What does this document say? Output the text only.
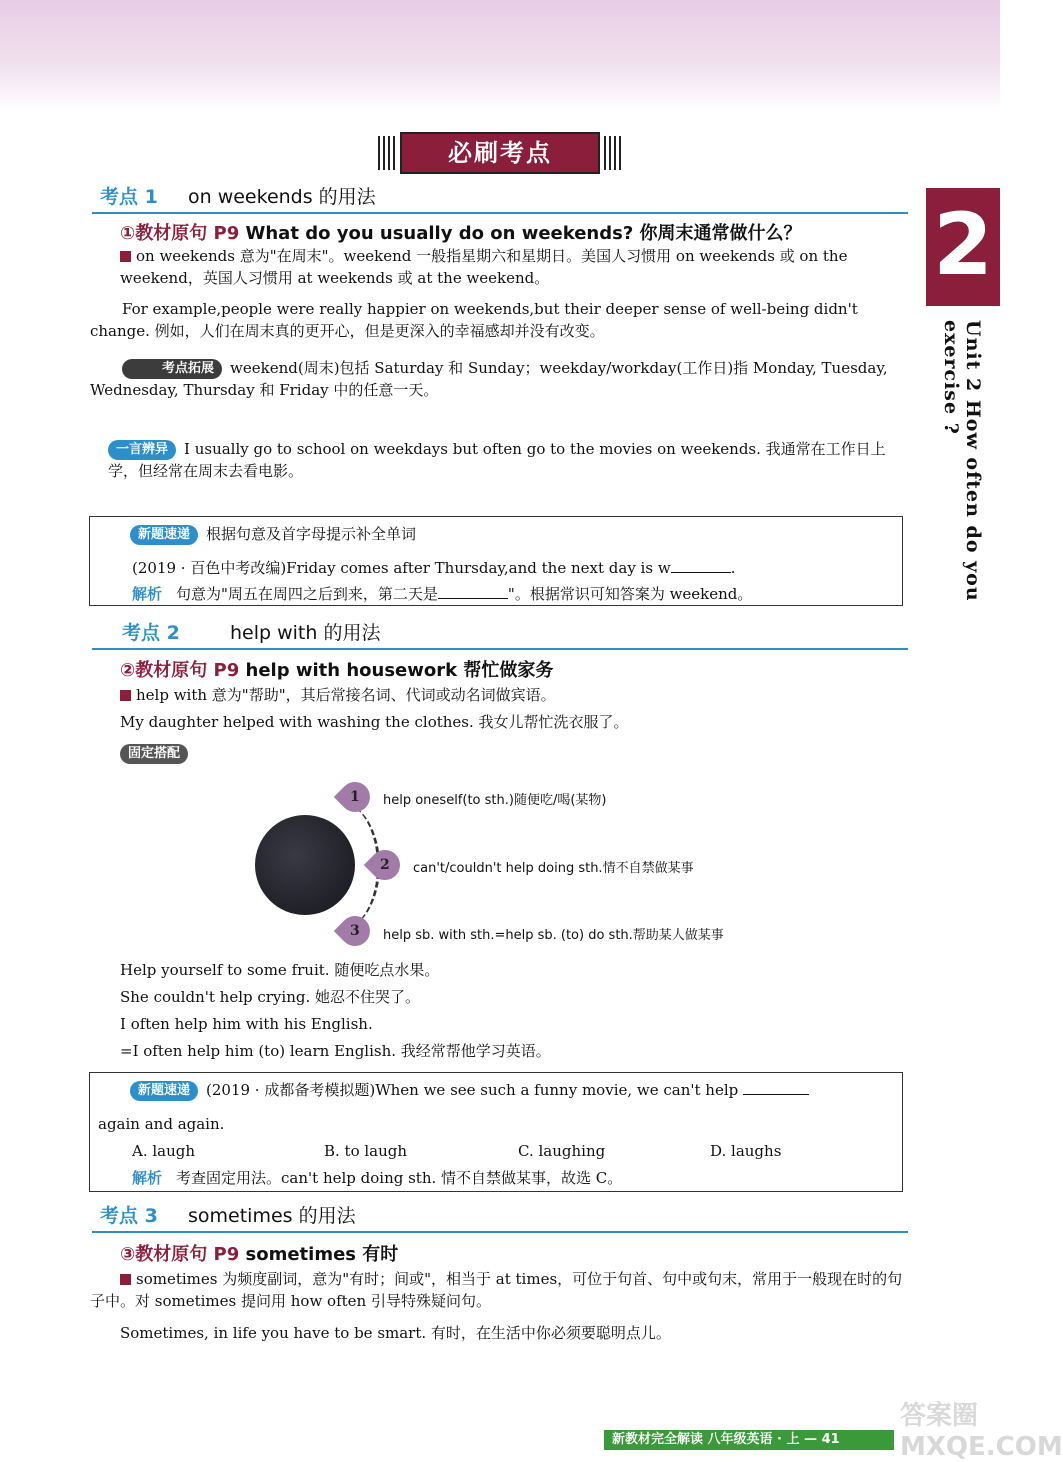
必刷考点
2
Unit 2 How often do you exercise ?
考点 1 on weekends 的用法
①教材原句 P9 What do you usually do on weekends? 你周末通常做什么？
on weekends 意为"在周末"。weekend 一般指星期六和星期日。美国人习惯用 on weekends 或 on the weekend，英国人习惯用 at weekends 或 at the weekend。
For example,people were really happier on weekends,but their deeper sense of well-being didn't change. 例如，人们在周末真的更开心，但是更深入的幸福感却并没有改变。
考点拓展 weekend(周末)包括 Saturday 和 Sunday；weekday/workday(工作日)指 Monday, Tuesday, Wednesday, Thursday 和 Friday 中的任意一天。
一言辨异 I usually go to school on weekdays but often go to the movies on weekends. 我通常在工作日上学，但经常在周末去看电影。
新题速递 根据句意及首字母提示补全单词
(2019 · 百色中考改编)Friday comes after Thursday,and the next day is w	.
解析 句意为"周五在周四之后到来，第二天是	"。根据常识可知答案为 weekend。
考点 2	help with 的用法
②教材原句 P9 help with housework 帮忙做家务
help with 意为"帮助"，其后常接名词、代词或动名词做宾语。
My daughter helped with washing the clothes. 我女儿帮忙洗衣服了。
固定搭配
1	help oneself(to sth.)随便吃/喝(某物)
2	can't/couldn't help doing sth.情不自禁做某事
3	help sb. with sth.=help sb. (to) do sth.帮助某人做某事
Help yourself to some fruit. 随便吃点水果。
She couldn't help crying. 她忍不住哭了。
I often help him with his English.
=I often help him (to) learn English. 我经常帮他学习英语。
新题速递 (2019 · 成都备考模拟题)When we see such a funny movie, we can't help
again and again.
A. laugh	B. to laugh	C. laughing	D. laughs
解析 考查固定用法。can't help doing sth. 情不自禁做某事，故选 C。
考点 3 sometimes 的用法
③教材原句 P9 sometimes 有时
sometimes 为频度副词，意为"有时；间或"，相当于 at times，可位于句首、句中或句末，常用于一般现在时的句子中。对 sometimes 提问用 how often 引导特殊疑问句。
Sometimes, in life you have to be smart. 有时，在生活中你必须要聪明点儿。
新教材完全解读 八年级英语 · 上 — 41
答案圈 MXQE.COM
